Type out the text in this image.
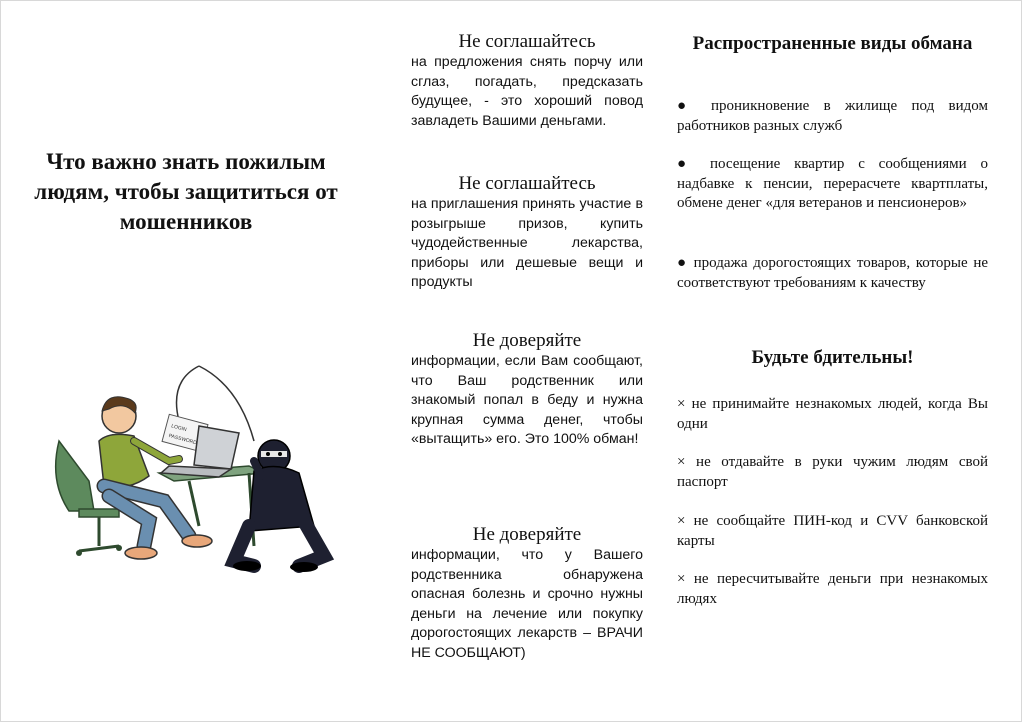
Что важно знать пожилым людям, чтобы защититься от мошенников
LOGIN
PASSWORD
Не соглашайтесь

на предложения снять порчу или сглаз, погадать, предсказать будущее, - это хороший повод завладеть Вашими деньгами.

Не соглашайтесь

на приглашения принять участие в розыгрыше призов, купить чудодейственные лекарства, приборы или дешевые вещи и продукты

Не доверяйте

информации, если Вам сообщают, что Ваш родственник или знакомый попал в беду и нужна крупная сумма денег, чтобы «вытащить» его. Это 100% обман!

Не доверяйте

информации, что у Вашего родственника обнаружена опасная болезнь и срочно нужны деньги на лечение или покупку дорогостоящих лекарств – ВРАЧИ НЕ СООБЩАЮТ)

Распространенные виды обмана

● проникновение в жилище под видом работников разных служб

● посещение квартир с сообщениями о надбавке к пенсии, перерасчете квартплаты, обмене денег «для ветеранов и пенсионеров»

● продажа дорогостоящих товаров, которые не соответствуют требованиям к качеству

Будьте бдительны!

× не принимайте незнакомых людей, когда Вы одни

× не отдавайте в руки чужим людям свой паспорт

× не сообщайте ПИН-код и CVV банковской карты

× не пересчитывайте деньги при незнакомых людях
